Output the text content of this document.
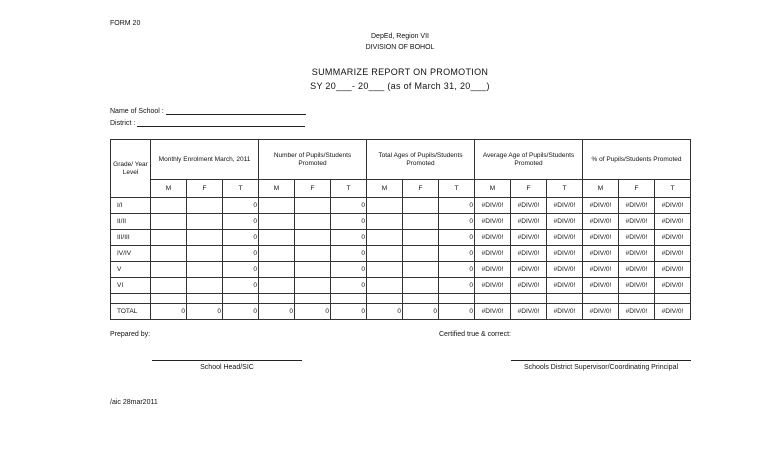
FORM 20
DepEd, Region VII
DIVISION OF BOHOL
SUMMARIZE REPORT ON PROMOTION
SY 20___- 20___ (as of March 31, 20___)
Name of School :
District :
Grade/ Year Level	Monthly Enrolment March, 2011			Number of Pupils/Students Promoted			Total Ages of Pupils/Students Promoted			Average Age of Pupils/Students Promoted			% of Pupils/Students Promoted		
	M	F	T	M	F	T	M	F	T	M	F	T	M	F	T
I/I			0			0			0	#DIV/0!	#DIV/0!	#DIV/0!	#DIV/0!	#DIV/0!	#DIV/0!
II/II			0			0			0	#DIV/0!	#DIV/0!	#DIV/0!	#DIV/0!	#DIV/0!	#DIV/0!
III/III			0			0			0	#DIV/0!	#DIV/0!	#DIV/0!	#DIV/0!	#DIV/0!	#DIV/0!
IV/IV			0			0			0	#DIV/0!	#DIV/0!	#DIV/0!	#DIV/0!	#DIV/0!	#DIV/0!
V			0			0			0	#DIV/0!	#DIV/0!	#DIV/0!	#DIV/0!	#DIV/0!	#DIV/0!
VI			0			0			0	#DIV/0!	#DIV/0!	#DIV/0!	#DIV/0!	#DIV/0!	#DIV/0!

TOTAL	0	0	0	0	0	0	0	0	0	#DIV/0!	#DIV/0!	#DIV/0!	#DIV/0!	#DIV/0!	#DIV/0!
Prepared by:	Certified true & correct:
School Head/SIC	Schools District Supervisor/Coordinating Principal
/aic 28mar2011
